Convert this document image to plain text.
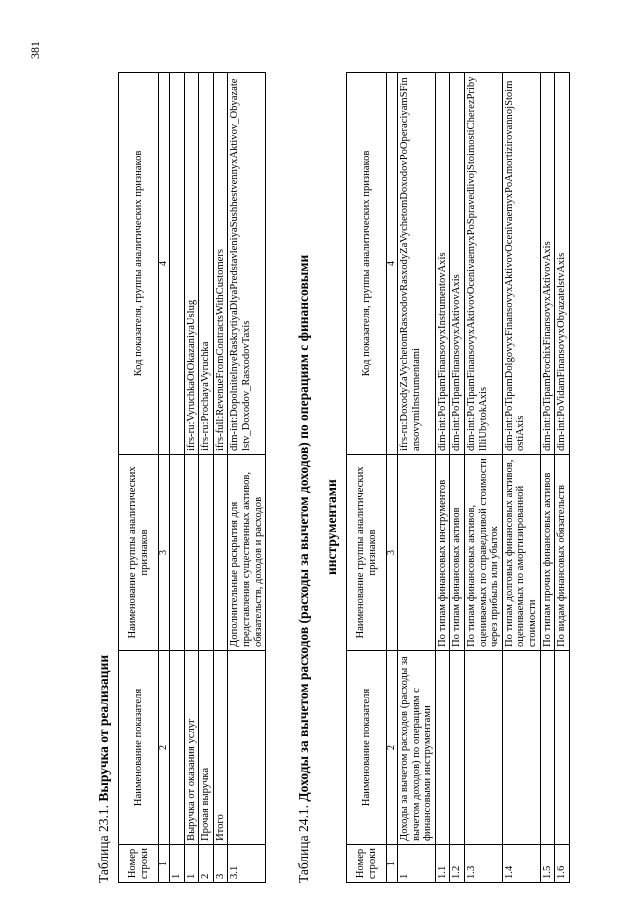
381
Таблица 23.1. Выручка от реализации
Номер строки	Наименование показателя	Наименование группы аналитических признаков	Код показателя, группы аналитических признаков
1	2	3	4
1			
1	Выручка от оказания услуг		ifrs-ru:VyruchkaOtOkazaniyaUslug
2	Прочая выручка		ifrs-ru:ProchayaVyruchka
3	Итого		ifrs-full:RevenueFromContractsWithCustomers
3.1		Дополнительные раскрытия для представления существенных активов, обязательств, доходов и расходов	dim-int:DopolnitelnyeRaskrytiyaDlyaPredstavleniyaSushhestvennyxAktivov_Obyazatelstv_Doxodov_RasxodovTaxis
Таблица 24.1. Доходы за вычетом расходов (расходы за вычетом доходов) по операциям с финансовыми инструментами
Номер строки	Наименование показателя	Наименование группы аналитических признаков	Код показателя, группы аналитических признаков
1	2	3	4
1	Доходы за вычетом расходов (расходы за вычетом доходов) по операциям с финансовыми инструментами		ifrs-ru:DoxodyZaVychetomRasxodovRasxodyZaVychetomDoxodovPoOperaciyamSFinansovymiInstrumentami
1.1		По типам финансовых инструментов	dim-int:PoTipamFinansovyxInstrumentovAxis
1.2		По типам финансовых активов	dim-int:PoTipamFinansovyxAktivovAxis
1.3		По типам финансовых активов, оцениваемых по справедливой стоимости через прибыль или убыток	dim-int:PoTipamFinansovyxAktivovOcenivaemyxPoSpravedlivojStoimostiCherezPribylIliUbytokAxis
1.4		По типам долговых финансовых активов, оцениваемых по амортизированной стоимости	dim-int:PoTipamDolgovyxFinansovyxAktivovOcenivaemyxPoAmortizirovannojStoimostiAxis
1.5		По типам прочих финансовых активов	dim-int:PoTipamProchixFinansovyxAktivovAxis
1.6		По видам финансовых обязательств	dim-int:PoVidamFinansovyxObyazatelstvAxis
